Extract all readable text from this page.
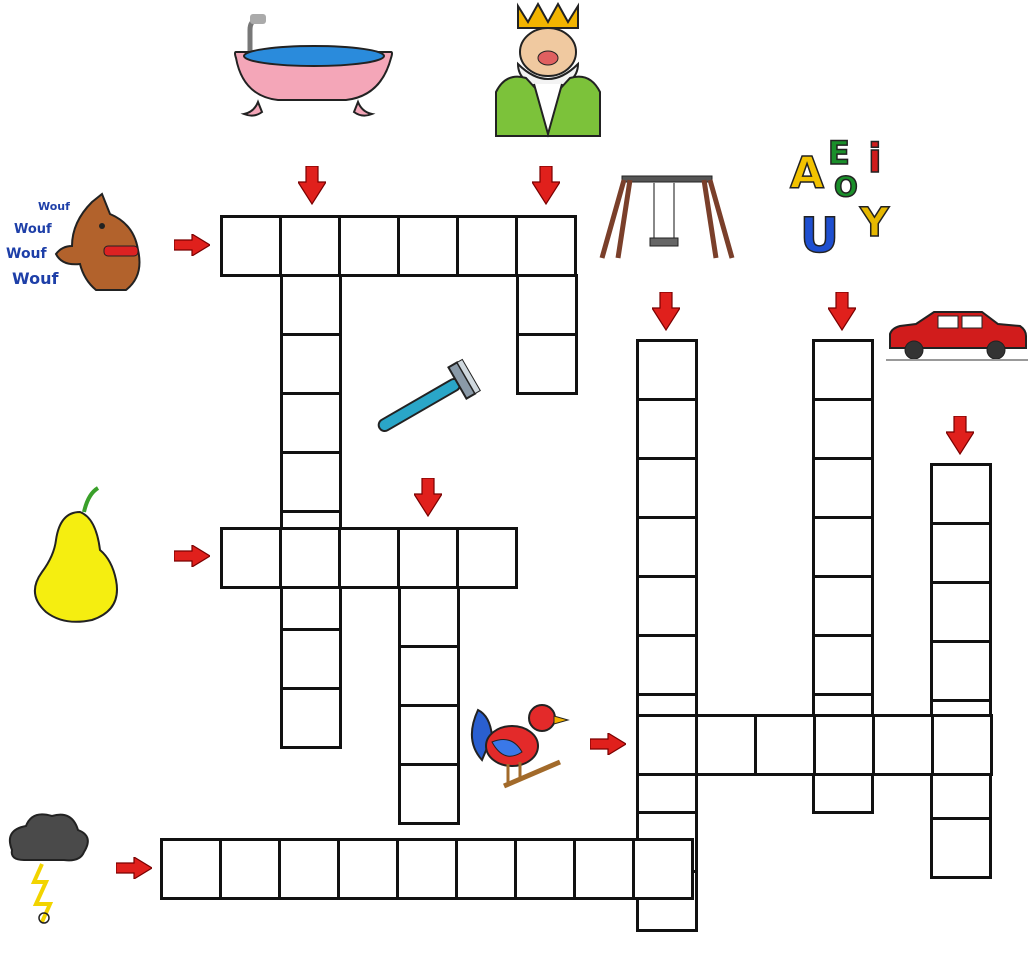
Wouf
Wouf
Wouf
Wouf
A E i
O
U Y
